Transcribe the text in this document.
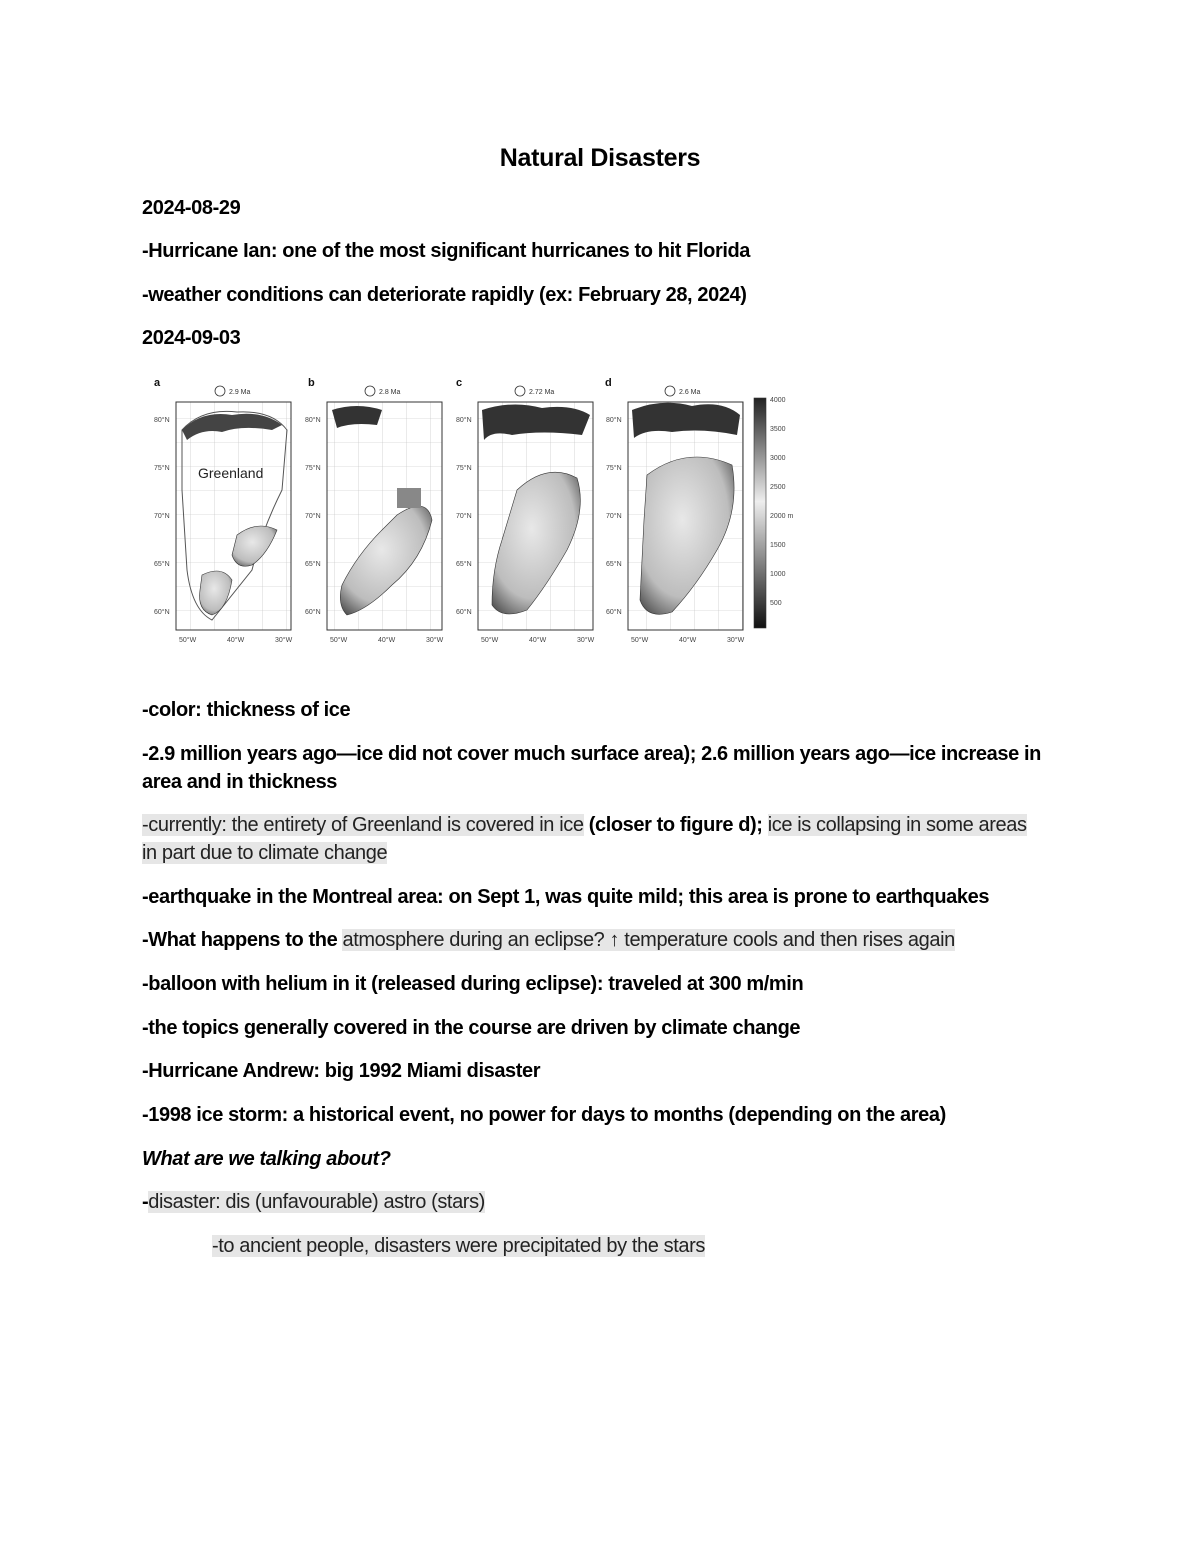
Natural Disasters
2024-08-29
-Hurricane Ian: one of the most significant hurricanes to hit Florida
-weather conditions can deteriorate rapidly (ex: February 28, 2024)
2024-09-03
a
2.9 Ma
Greenland
b
2.8 Ma
c
2.72 Ma
d
2.6 Ma
80°N
75°N
70°N
65°N
60°N
80°N
75°N
70°N
65°N
60°N
80°N
75°N
70°N
65°N
60°N
80°N
75°N
70°N
65°N
60°N
50°W	40°W	30°W	50°W	40°W	30°W	50°W	40°W	30°W	50°W	40°W	30°W
4000
3500
3000
2500
2000 m
1500
1000
500
-color: thickness of ice
-2.9 million years ago—ice did not cover much surface area); 2.6 million years ago—ice increase in area and in thickness
-currently: the entirety of Greenland is covered in ice (closer to figure d); ice is collapsing in some areas in part due to climate change
-earthquake in the Montreal area: on Sept 1, was quite mild; this area is prone to earthquakes
-What happens to the atmosphere during an eclipse? ↑ temperature cools and then rises again
-balloon with helium in it (released during eclipse): traveled at 300 m/min
-the topics generally covered in the course are driven by climate change
-Hurricane Andrew: big 1992 Miami disaster
-1998 ice storm: a historical event, no power for days to months (depending on the area)
What are we talking about?
-disaster: dis (unfavourable) astro (stars)
-to ancient people, disasters were precipitated by the stars
